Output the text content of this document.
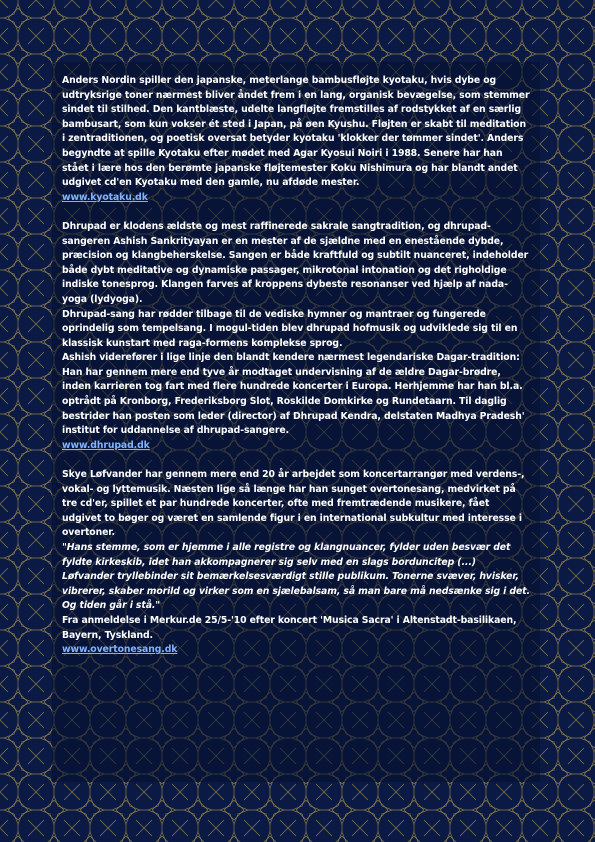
Anders Nordin spiller den japanske, meterlange bambusfløjte kyotaku, hvis dybe og udtryksrige toner nærmest bliver åndet frem i en lang, organisk bevægelse, som stemmer sindet til stilhed. Den kantblæste, udelte langfløjte fremstilles af rodstykket af en særlig bambusart, som kun vokser ét sted i Japan, på øen Kyushu. Fløjten er skabt til meditation i zentraditionen, og poetisk oversat betyder kyotaku 'klokker der tømmer sindet'. Anders begyndte at spille Kyotaku efter mødet med Agar Kyosui Noiri i 1988. Senere har han stået i lære hos den berømte japanske fløjtemester Koku Nishimura og har blandt andet udgivet cd'en Kyotaku med den gamle, nu afdøde mester.

www.kyotaku.dk

Dhrupad er klodens ældste og mest raffinerede sakrale sangtradition, og dhrupad-sangeren Ashish Sankrityayan er en mester af de sjældne med en enestående dybde, præcision og klangbeherskelse. Sangen er både kraftfuld og subtilt nuanceret, indeholder både dybt meditative og dynamiske passager, mikrotonal intonation og det righoldige indiske tonesprog. Klangen farves af kroppens dybeste resonanser ved hjælp af nada-yoga (lydyoga).

Dhrupad-sang har rødder tilbage til de vediske hymner og mantraer og fungerede oprindelig som tempelsang. I mogul-tiden blev dhrupad hofmusik og udviklede sig til en klassisk kunstart med raga-formens komplekse sprog.

Ashish viderefører i lige linje den blandt kendere nærmest legendariske Dagar-tradition: Han har gennem mere end tyve år modtaget undervisning af de ældre Dagar-brødre, inden karrieren tog fart med flere hundrede koncerter i Europa. Herhjemme har han bl.a. optrådt på Kronborg, Frederiksborg Slot, Roskilde Domkirke og Rundetaarn. Til daglig bestrider han posten som leder (director) af Dhrupad Kendra, delstaten Madhya Pradesh' institut for uddannelse af dhrupad-sangere.

www.dhrupad.dk

Skye Løfvander har gennem mere end 20 år arbejdet som koncertarrangør med verdens-, vokal- og lyttemusik. Næsten lige så længe har han sunget overtonesang, medvirket på tre cd'er, spillet et par hundrede koncerter, ofte med fremtrædende musikere, fået udgivet to bøger og været en samlende figur i en international subkultur med interesse i overtoner.

"Hans stemme, som er hjemme i alle registre og klangnuancer, fylder uden besvær det fyldte kirkeskib, idet han akkompagnerer sig selv med en slags borduncitер (...) Løfvander tryllebinder sit bemærkelsesværdigt stille publikum. Tonerne svæver, hvisker, vibrerer, skaber morild og virker som en sjælebalsam, så man bare må nedsænke sig i det. Og tiden går i stå."

Fra anmeldelse i Merkur.de 25/5-'10 efter koncert 'Musica Sacra' i Altenstadt-basilikaen, Bayern, Tyskland.

www.overtonesang.dk
